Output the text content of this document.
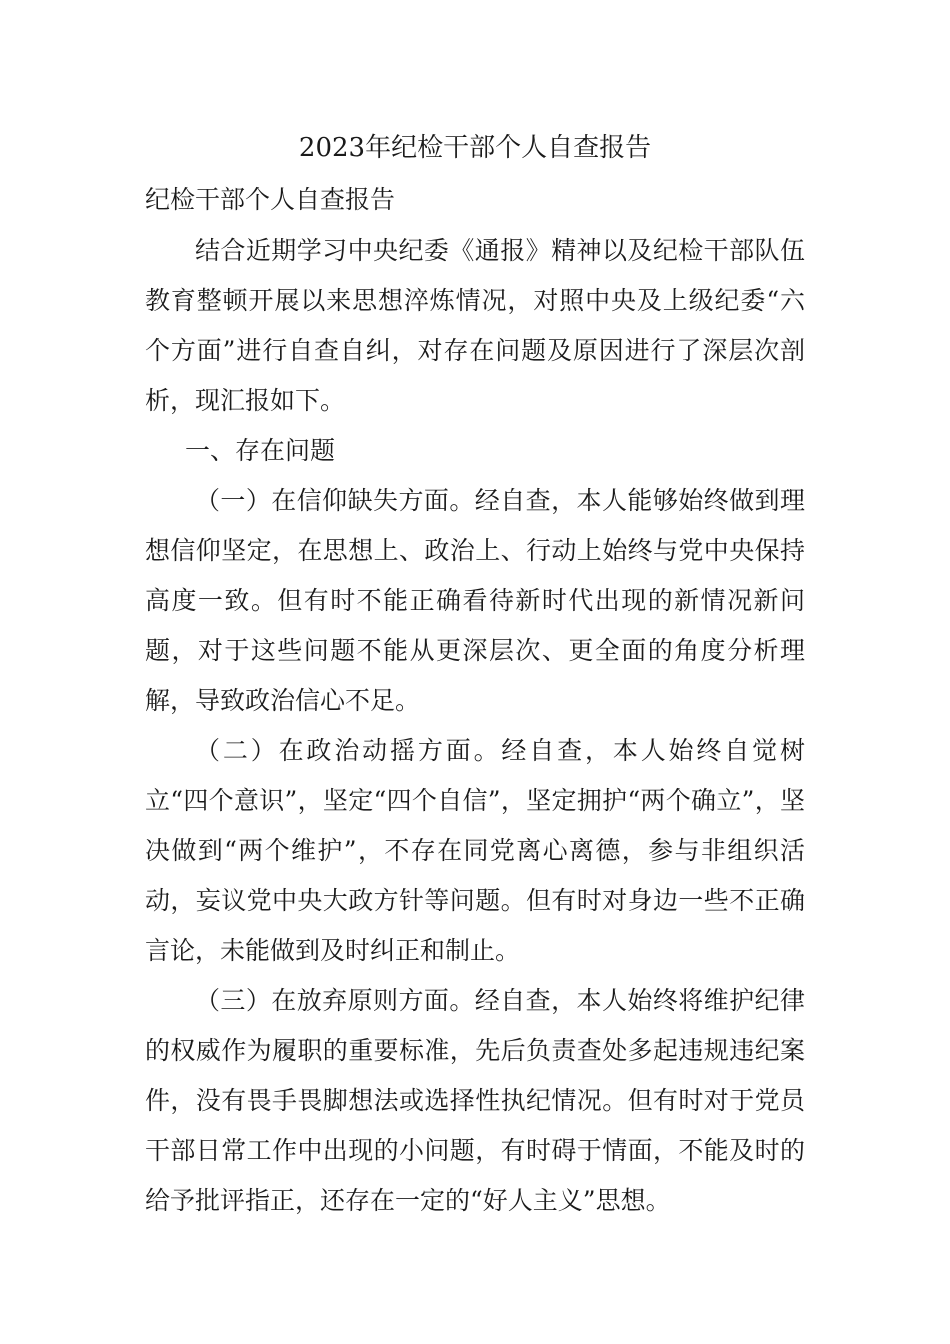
2023年纪检干部个人自查报告
纪检干部个人自查报告

结合近期学习中央纪委《通报》精神以及纪检干部队伍教育整顿开展以来思想淬炼情况，对照中央及上级纪委“六个方面”进行自查自纠，对存在问题及原因进行了深层次剖析，现汇报如下。

一、存在问题

（一）在信仰缺失方面。经自查，本人能够始终做到理想信仰坚定，在思想上、政治上、行动上始终与党中央保持高度一致。但有时不能正确看待新时代出现的新情况新问题，对于这些问题不能从更深层次、更全面的角度分析理解，导致政治信心不足。

（二）在政治动摇方面。经自查，本人始终自觉树立“四个意识”，坚定“四个自信”，坚定拥护“两个确立”，坚决做到“两个维护”，不存在同党离心离德，参与非组织活动，妄议党中央大政方针等问题。但有时对身边一些不正确言论，未能做到及时纠正和制止。

（三）在放弃原则方面。经自查，本人始终将维护纪律的权威作为履职的重要标准，先后负责查处多起违规违纪案件，没有畏手畏脚想法或选择性执纪情况。但有时对于党员干部日常工作中出现的小问题，有时碍于情面，不能及时的给予批评指正，还存在一定的“好人主义”思想。
